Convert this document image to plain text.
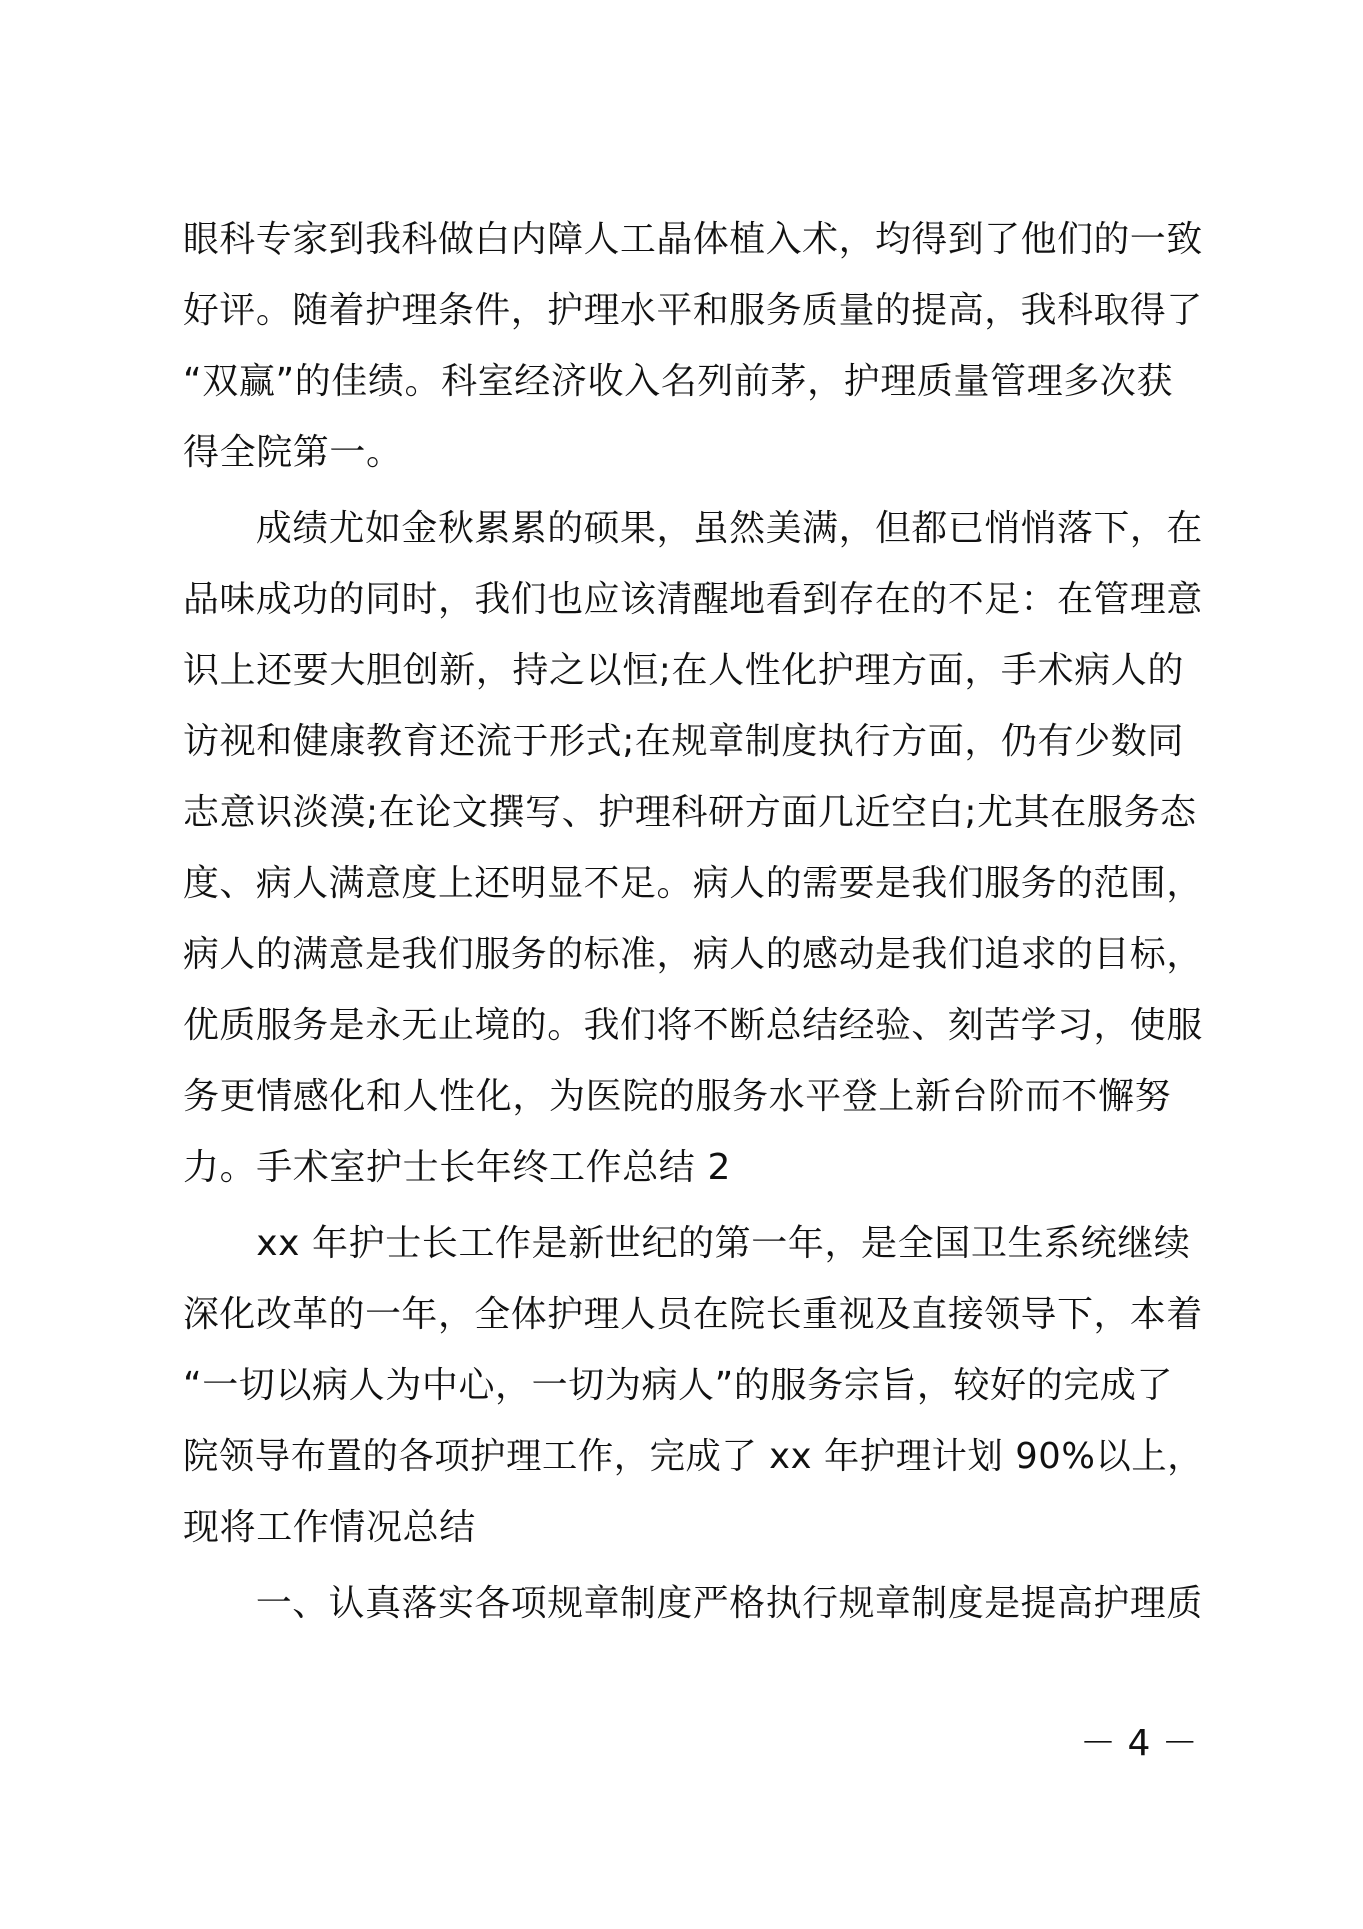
眼科专家到我科做白内障人工晶体植入术，均得到了他们的一致
好评。随着护理条件，护理水平和服务质量的提高，我科取得了
“双赢”的佳绩。科室经济收入名列前茅，护理质量管理多次获
得全院第一。
　　成绩尤如金秋累累的硕果，虽然美满，但都已悄悄落下，在
品味成功的同时，我们也应该清醒地看到存在的不足：在管理意
识上还要大胆创新，持之以恒;在人性化护理方面，手术病人的
访视和健康教育还流于形式;在规章制度执行方面，仍有少数同
志意识淡漠;在论文撰写、护理科研方面几近空白;尤其在服务态
度、病人满意度上还明显不足。病人的需要是我们服务的范围，
病人的满意是我们服务的标准，病人的感动是我们追求的目标，
优质服务是永无止境的。我们将不断总结经验、刻苦学习，使服
务更情感化和人性化，为医院的服务水平登上新台阶而不懈努
力。手术室护士长年终工作总结 2
　　xx 年护士长工作是新世纪的第一年，是全国卫生系统继续
深化改革的一年，全体护理人员在院长重视及直接领导下，本着
“一切以病人为中心，一切为病人”的服务宗旨，较好的完成了
院领导布置的各项护理工作，完成了 xx 年护理计划 90%以上，
现将工作情况总结
　　一、认真落实各项规章制度严格执行规章制度是提高护理质
－ 4 －
